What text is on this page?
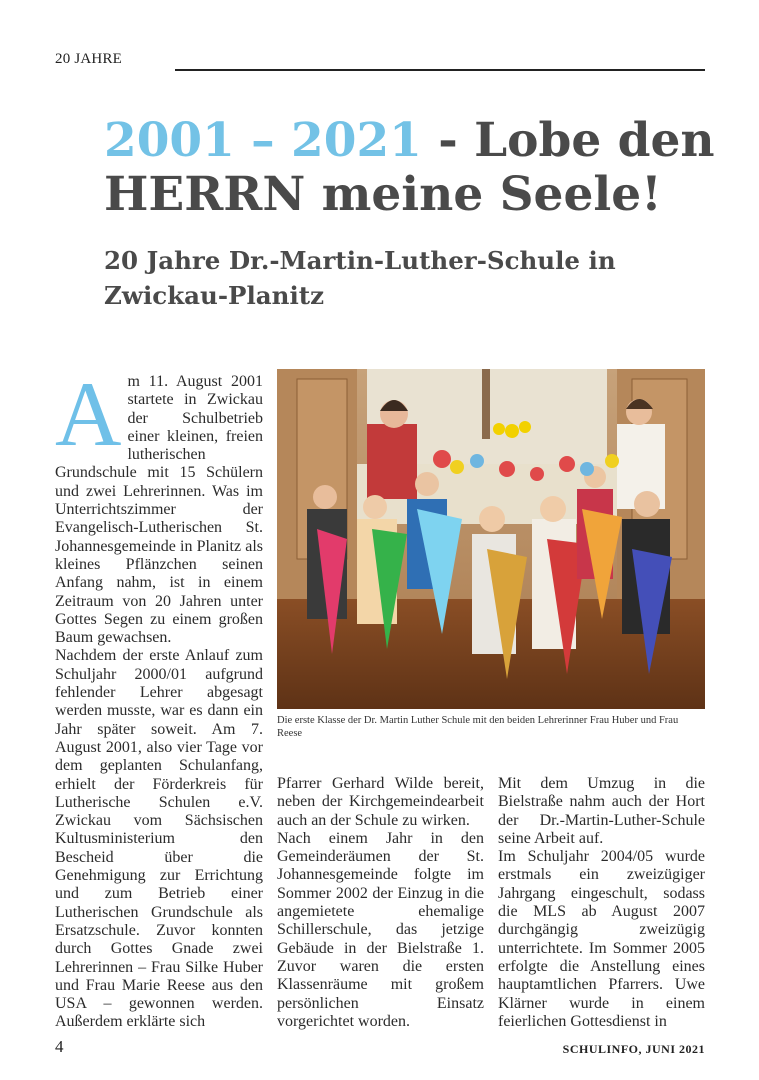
20 JAHRE
2001 – 2021 - Lobe den HERRN meine Seele!
20 Jahre Dr.-Martin-Luther-Schule in Zwickau-Planitz

Am 11. August 2001 startete in Zwickau der Schulbetrieb einer kleinen, freien lutherischen Grundschule mit 15 Schülern und zwei Lehrerinnen. Was im Unterrichtszimmer der Evangelisch-Lutherischen St. Johannesgemeinde in Planitz als kleines Pflänzchen seinen Anfang nahm, ist in einem Zeitraum von 20 Jahren unter Gottes Segen zu einem großen Baum gewachsen.

Nachdem der erste Anlauf zum Schuljahr 2000/01 aufgrund fehlender Lehrer abgesagt werden musste, war es dann ein Jahr später soweit. Am 7. August 2001, also vier Tage vor dem geplanten Schulanfang, erhielt der Förderkreis für Lutherische Schulen e.V. Zwickau vom Sächsischen Kultusministerium den Bescheid über die Genehmigung zur Errichtung und zum Betrieb einer Lutherischen Grundschule als Ersatzschule. Zuvor konnten durch Gottes Gnade zwei Lehrerinnen – Frau Silke Huber und Frau Marie Reese aus den USA – gewonnen werden. Außerdem erklärte sich

Die erste Klasse der Dr. Martin Luther Schule mit den beiden Lehrerinner Frau Huber und Frau Reese

Pfarrer Gerhard Wilde bereit, neben der Kirchgemeindearbeit auch an der Schule zu wirken.

Nach einem Jahr in den Gemeinderäumen der St. Johannesgemeinde folgte im Sommer 2002 der Einzug in die angemietete ehemalige Schillerschule, das jetzige Gebäude in der Bielstraße 1. Zuvor waren die ersten Klassenräume mit großem persönlichen Einsatz vorgerichtet worden.

Mit dem Umzug in die Bielstraße nahm auch der Hort der Dr.-Martin-Luther-Schule seine Arbeit auf.

Im Schuljahr 2004/05 wurde erstmals ein zweizügiger Jahrgang eingeschult, sodass die MLS ab August 2007 durchgängig zweizügig unterrichtete. Im Sommer 2005 erfolgte die Anstellung eines hauptamtlichen Pfarrers. Uwe Klärner wurde in einem feierlichen Gottesdienst in

4	SCHULINFO, JUNI 2021
